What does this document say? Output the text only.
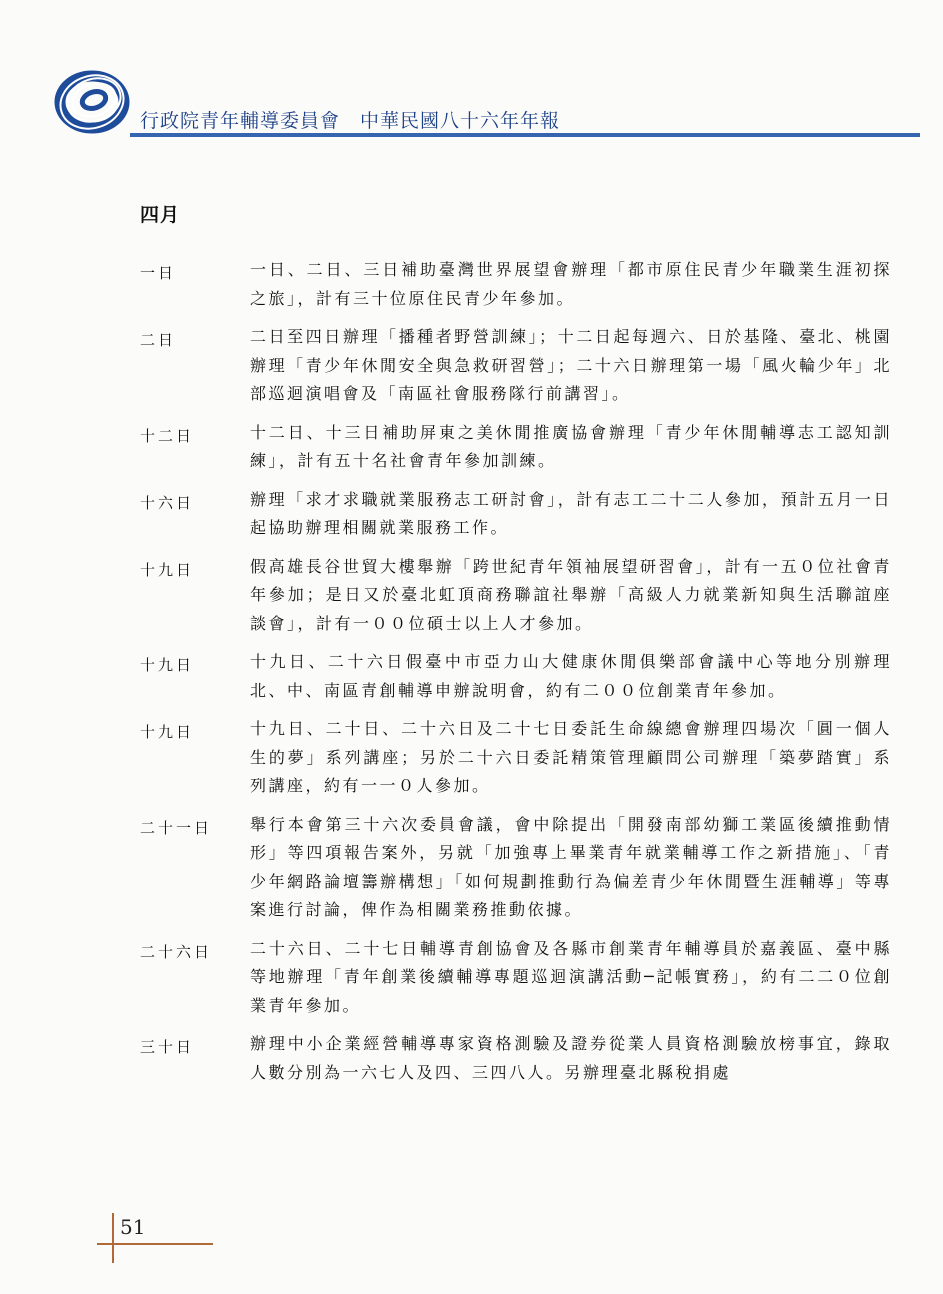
行政院青年輔導委員會　中華民國八十六年年報
四月
一日	一日、二日、三日補助臺灣世界展望會辦理「都市原住民青少年職業生涯初探之旅」，計有三十位原住民青少年參加。
二日	二日至四日辦理「播種者野營訓練」；十二日起每週六、日於基隆、臺北、桃園辦理「青少年休閒安全與急救研習營」；二十六日辦理第一場「風火輪少年」北部巡迴演唱會及「南區社會服務隊行前講習」。
十二日	十二日、十三日補助屏東之美休閒推廣協會辦理「青少年休閒輔導志工認知訓練」，計有五十名社會青年參加訓練。
十六日	辦理「求才求職就業服務志工研討會」，計有志工二十二人參加，預計五月一日起協助辦理相關就業服務工作。
十九日	假高雄長谷世貿大樓舉辦「跨世紀青年領袖展望研習會」，計有一五０位社會青年參加；是日又於臺北虹頂商務聯誼社舉辦「高級人力就業新知與生活聯誼座談會」，計有一００位碩士以上人才參加。
十九日	十九日、二十六日假臺中市亞力山大健康休閒俱樂部會議中心等地分別辦理北、中、南區青創輔導申辦說明會，約有二００位創業青年參加。
十九日	十九日、二十日、二十六日及二十七日委託生命線總會辦理四場次「圓一個人生的夢」系列講座；另於二十六日委託精策管理顧問公司辦理「築夢踏實」系列講座，約有一一０人參加。
二十一日 舉行本會第三十六次委員會議，會中除提出「開發南部幼獅工業區後續推動情形」等四項報告案外，另就「加強專上畢業青年就業輔導工作之新措施」、「青少年網路論壇籌辦構想」「如何規劃推動行為偏差青少年休閒暨生涯輔導」等專案進行討論，俾作為相關業務推動依據。
二十六日 二十六日、二十七日輔導青創協會及各縣市創業青年輔導員於嘉義區、臺中縣等地辦理「青年創業後續輔導專題巡迴演講活動─記帳實務」，約有二二０位創業青年參加。
三十日	辦理中小企業經營輔導專家資格測驗及證券從業人員資格測驗放榜事宜，錄取人數分別為一六七人及四、三四八人。另辦理臺北縣稅捐處
51
